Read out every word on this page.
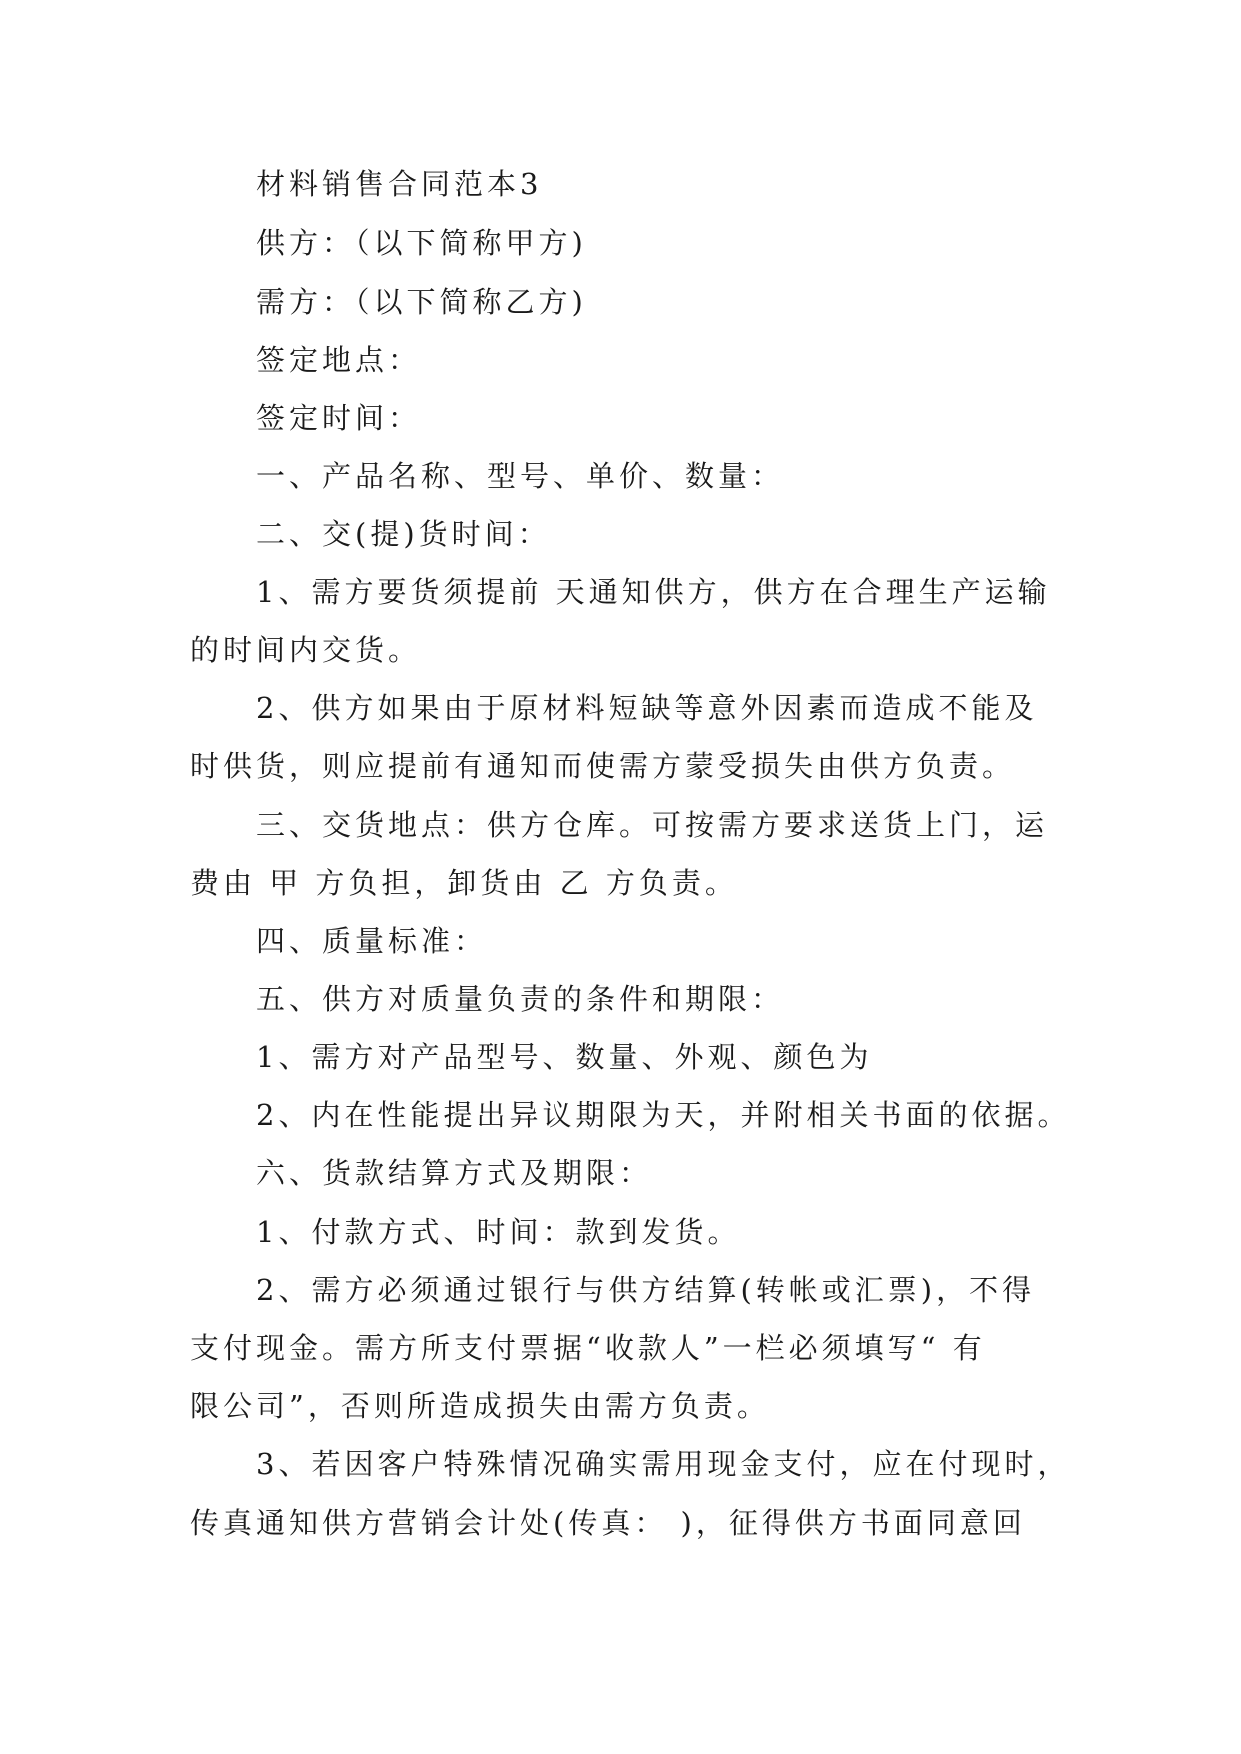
材料销售合同范本3
供方：（以下简称甲方)
需方：（以下简称乙方)
签定地点：
签定时间：
一、产品名称、型号、单价、数量：
二、交(提)货时间：
1、需方要货须提前 天通知供方，供方在合理生产运输
的时间内交货。
2、供方如果由于原材料短缺等意外因素而造成不能及
时供货，则应提前有通知而使需方蒙受损失由供方负责。
三、交货地点：供方仓库。可按需方要求送货上门，运
费由 甲 方负担，卸货由 乙 方负责。
四、质量标准：
五、供方对质量负责的条件和期限：
1、需方对产品型号、数量、外观、颜色为
2、内在性能提出异议期限为天，并附相关书面的依据。
六、货款结算方式及期限：
1、付款方式、时间：款到发货。
2、需方必须通过银行与供方结算(转帐或汇票)，不得
支付现金。需方所支付票据“收款人”一栏必须填写“ 有
限公司”，否则所造成损失由需方负责。
3、若因客户特殊情况确实需用现金支付，应在付现时，
传真通知供方营销会计处(传真： )，征得供方书面同意回
